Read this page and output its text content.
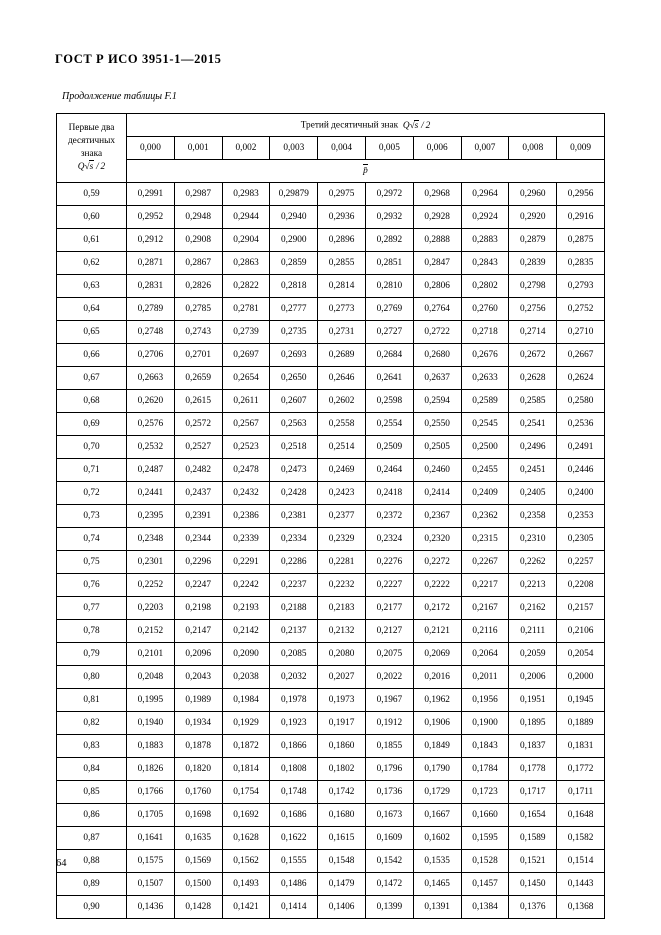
ГОСТ Р ИСО 3951-1—2015
Продолжение таблицы F.1
Первые два
десятичных
знака
Q√s / 2	Третий десятичный знак  Q√s / 2									
	0,000	0,001	0,002	0,003	0,004	0,005	0,006	0,007	0,008	0,009
	p̄									
0,59	0,2991	0,2987	0,2983	0,29879	0,2975	0,2972	0,2968	0,2964	0,2960	0,2956
0,60	0,2952	0,2948	0,2944	0,2940	0,2936	0,2932	0,2928	0,2924	0,2920	0,2916
0,61	0,2912	0,2908	0,2904	0,2900	0,2896	0,2892	0,2888	0,2883	0,2879	0,2875
0,62	0,2871	0,2867	0,2863	0,2859	0,2855	0,2851	0,2847	0,2843	0,2839	0,2835
0,63	0,2831	0,2826	0,2822	0,2818	0,2814	0,2810	0,2806	0,2802	0,2798	0,2793
0,64	0,2789	0,2785	0,2781	0,2777	0,2773	0,2769	0,2764	0,2760	0,2756	0,2752
0,65	0,2748	0,2743	0,2739	0,2735	0,2731	0,2727	0,2722	0,2718	0,2714	0,2710
0,66	0,2706	0,2701	0,2697	0,2693	0,2689	0,2684	0,2680	0,2676	0,2672	0,2667
0,67	0,2663	0,2659	0,2654	0,2650	0,2646	0,2641	0,2637	0,2633	0,2628	0,2624
0,68	0,2620	0,2615	0,2611	0,2607	0,2602	0,2598	0,2594	0,2589	0,2585	0,2580
0,69	0,2576	0,2572	0,2567	0,2563	0,2558	0,2554	0,2550	0,2545	0,2541	0,2536
0,70	0,2532	0,2527	0,2523	0,2518	0,2514	0,2509	0,2505	0,2500	0,2496	0,2491
0,71	0,2487	0,2482	0,2478	0,2473	0,2469	0,2464	0,2460	0,2455	0,2451	0,2446
0,72	0,2441	0,2437	0,2432	0,2428	0,2423	0,2418	0,2414	0,2409	0,2405	0,2400
0,73	0,2395	0,2391	0,2386	0,2381	0,2377	0,2372	0,2367	0,2362	0,2358	0,2353
0,74	0,2348	0,2344	0,2339	0,2334	0,2329	0,2324	0,2320	0,2315	0,2310	0,2305
0,75	0,2301	0,2296	0,2291	0,2286	0,2281	0,2276	0,2272	0,2267	0,2262	0,2257
0,76	0,2252	0,2247	0,2242	0,2237	0,2232	0,2227	0,2222	0,2217	0,2213	0,2208
0,77	0,2203	0,2198	0,2193	0,2188	0,2183	0,2177	0,2172	0,2167	0,2162	0,2157
0,78	0,2152	0,2147	0,2142	0,2137	0,2132	0,2127	0,2121	0,2116	0,2111	0,2106
0,79	0,2101	0,2096	0,2090	0,2085	0,2080	0,2075	0,2069	0,2064	0,2059	0,2054
0,80	0,2048	0,2043	0,2038	0,2032	0,2027	0,2022	0,2016	0,2011	0,2006	0,2000
0,81	0,1995	0,1989	0,1984	0,1978	0,1973	0,1967	0,1962	0,1956	0,1951	0,1945
0,82	0,1940	0,1934	0,1929	0,1923	0,1917	0,1912	0,1906	0,1900	0,1895	0,1889
0,83	0,1883	0,1878	0,1872	0,1866	0,1860	0,1855	0,1849	0,1843	0,1837	0,1831
0,84	0,1826	0,1820	0,1814	0,1808	0,1802	0,1796	0,1790	0,1784	0,1778	0,1772
0,85	0,1766	0,1760	0,1754	0,1748	0,1742	0,1736	0,1729	0,1723	0,1717	0,1711
0,86	0,1705	0,1698	0,1692	0,1686	0,1680	0,1673	0,1667	0,1660	0,1654	0,1648
0,87	0,1641	0,1635	0,1628	0,1622	0,1615	0,1609	0,1602	0,1595	0,1589	0,1582
0,88	0,1575	0,1569	0,1562	0,1555	0,1548	0,1542	0,1535	0,1528	0,1521	0,1514
0,89	0,1507	0,1500	0,1493	0,1486	0,1479	0,1472	0,1465	0,1457	0,1450	0,1443
0,90	0,1436	0,1428	0,1421	0,1414	0,1406	0,1399	0,1391	0,1384	0,1376	0,1368
64
